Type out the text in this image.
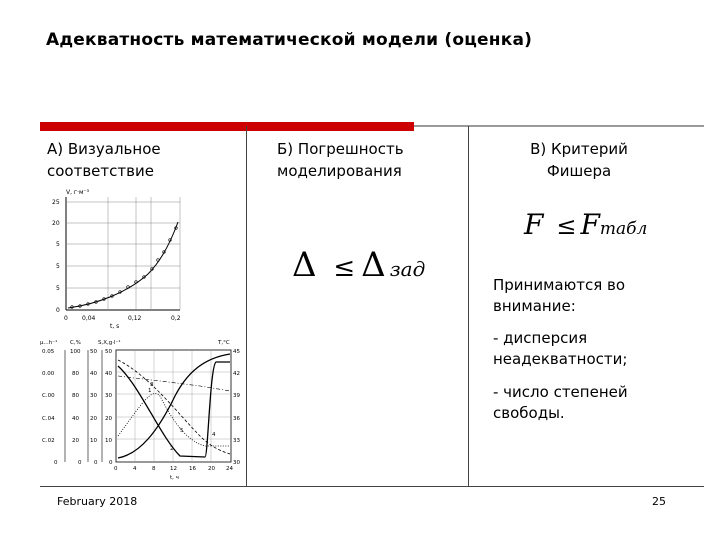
Адекватность математической модели (оценка)
А) Визуальное
соответствие
Б) Погрешность
моделирования
В) Критерий
Фишера
F ≤ Fтабл
Δ ≤ Δ зад
Принимаются во
внимание:
- дисперсия
неадекватности;
- число степеней
свободы.
V, г·м⁻³
25
20
5
5
5
0
0 0,04	0,12	0,2
t, s
μ...h⁻¹ C,%	S,X,g·l⁻¹	T,°C
0.05
0.00
C.00
C.04
C.02
0
100
80
80
40
20
0
50
40
30
20
10
0
50
40
30
20
10
0
45
42
39
36
33
30
0	4	8	12 16 20 24
t, ч
1
2
3
4
5
February 2018	25
